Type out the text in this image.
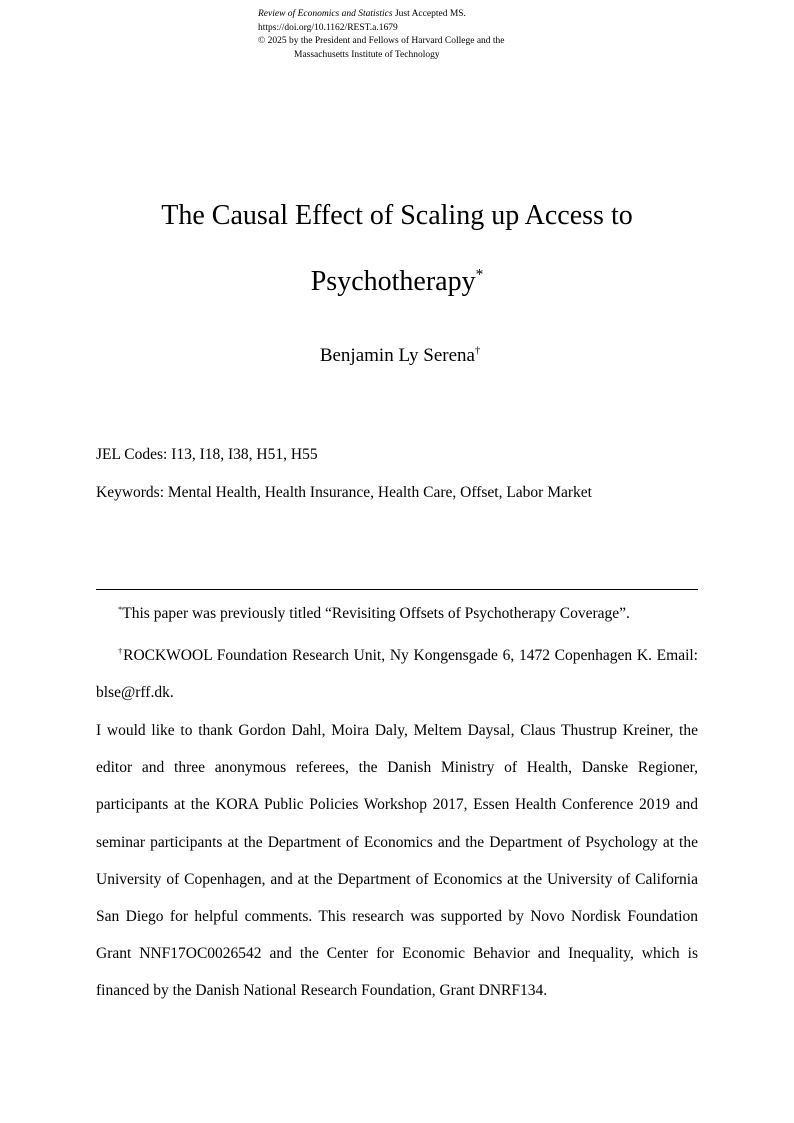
Review of Economics and Statistics Just Accepted MS.
https://doi.org/10.1162/REST.a.1679
© 2025 by the President and Fellows of Harvard College and the
Massachusetts Institute of Technology
The Causal Effect of Scaling up Access to
Psychotherapy*
Benjamin Ly Serena†
JEL Codes: I13, I18, I38, H51, H55
Keywords: Mental Health, Health Insurance, Health Care, Offset, Labor Market
*This paper was previously titled “Revisiting Offsets of Psychotherapy Coverage”.
†ROCKWOOL Foundation Research Unit, Ny Kongensgade 6, 1472 Copenhagen K. Email: blse@rff.dk.
I would like to thank Gordon Dahl, Moira Daly, Meltem Daysal, Claus Thustrup Kreiner, the editor and three anonymous referees, the Danish Ministry of Health, Danske Regioner, participants at the KORA Public Policies Workshop 2017, Essen Health Conference 2019 and seminar participants at the Department of Economics and the Department of Psychology at the University of Copenhagen, and at the Department of Economics at the University of California San Diego for helpful comments. This research was supported by Novo Nordisk Foundation Grant NNF17OC0026542 and the Center for Economic Behavior and Inequality, which is financed by the Danish National Research Foundation, Grant DNRF134.
